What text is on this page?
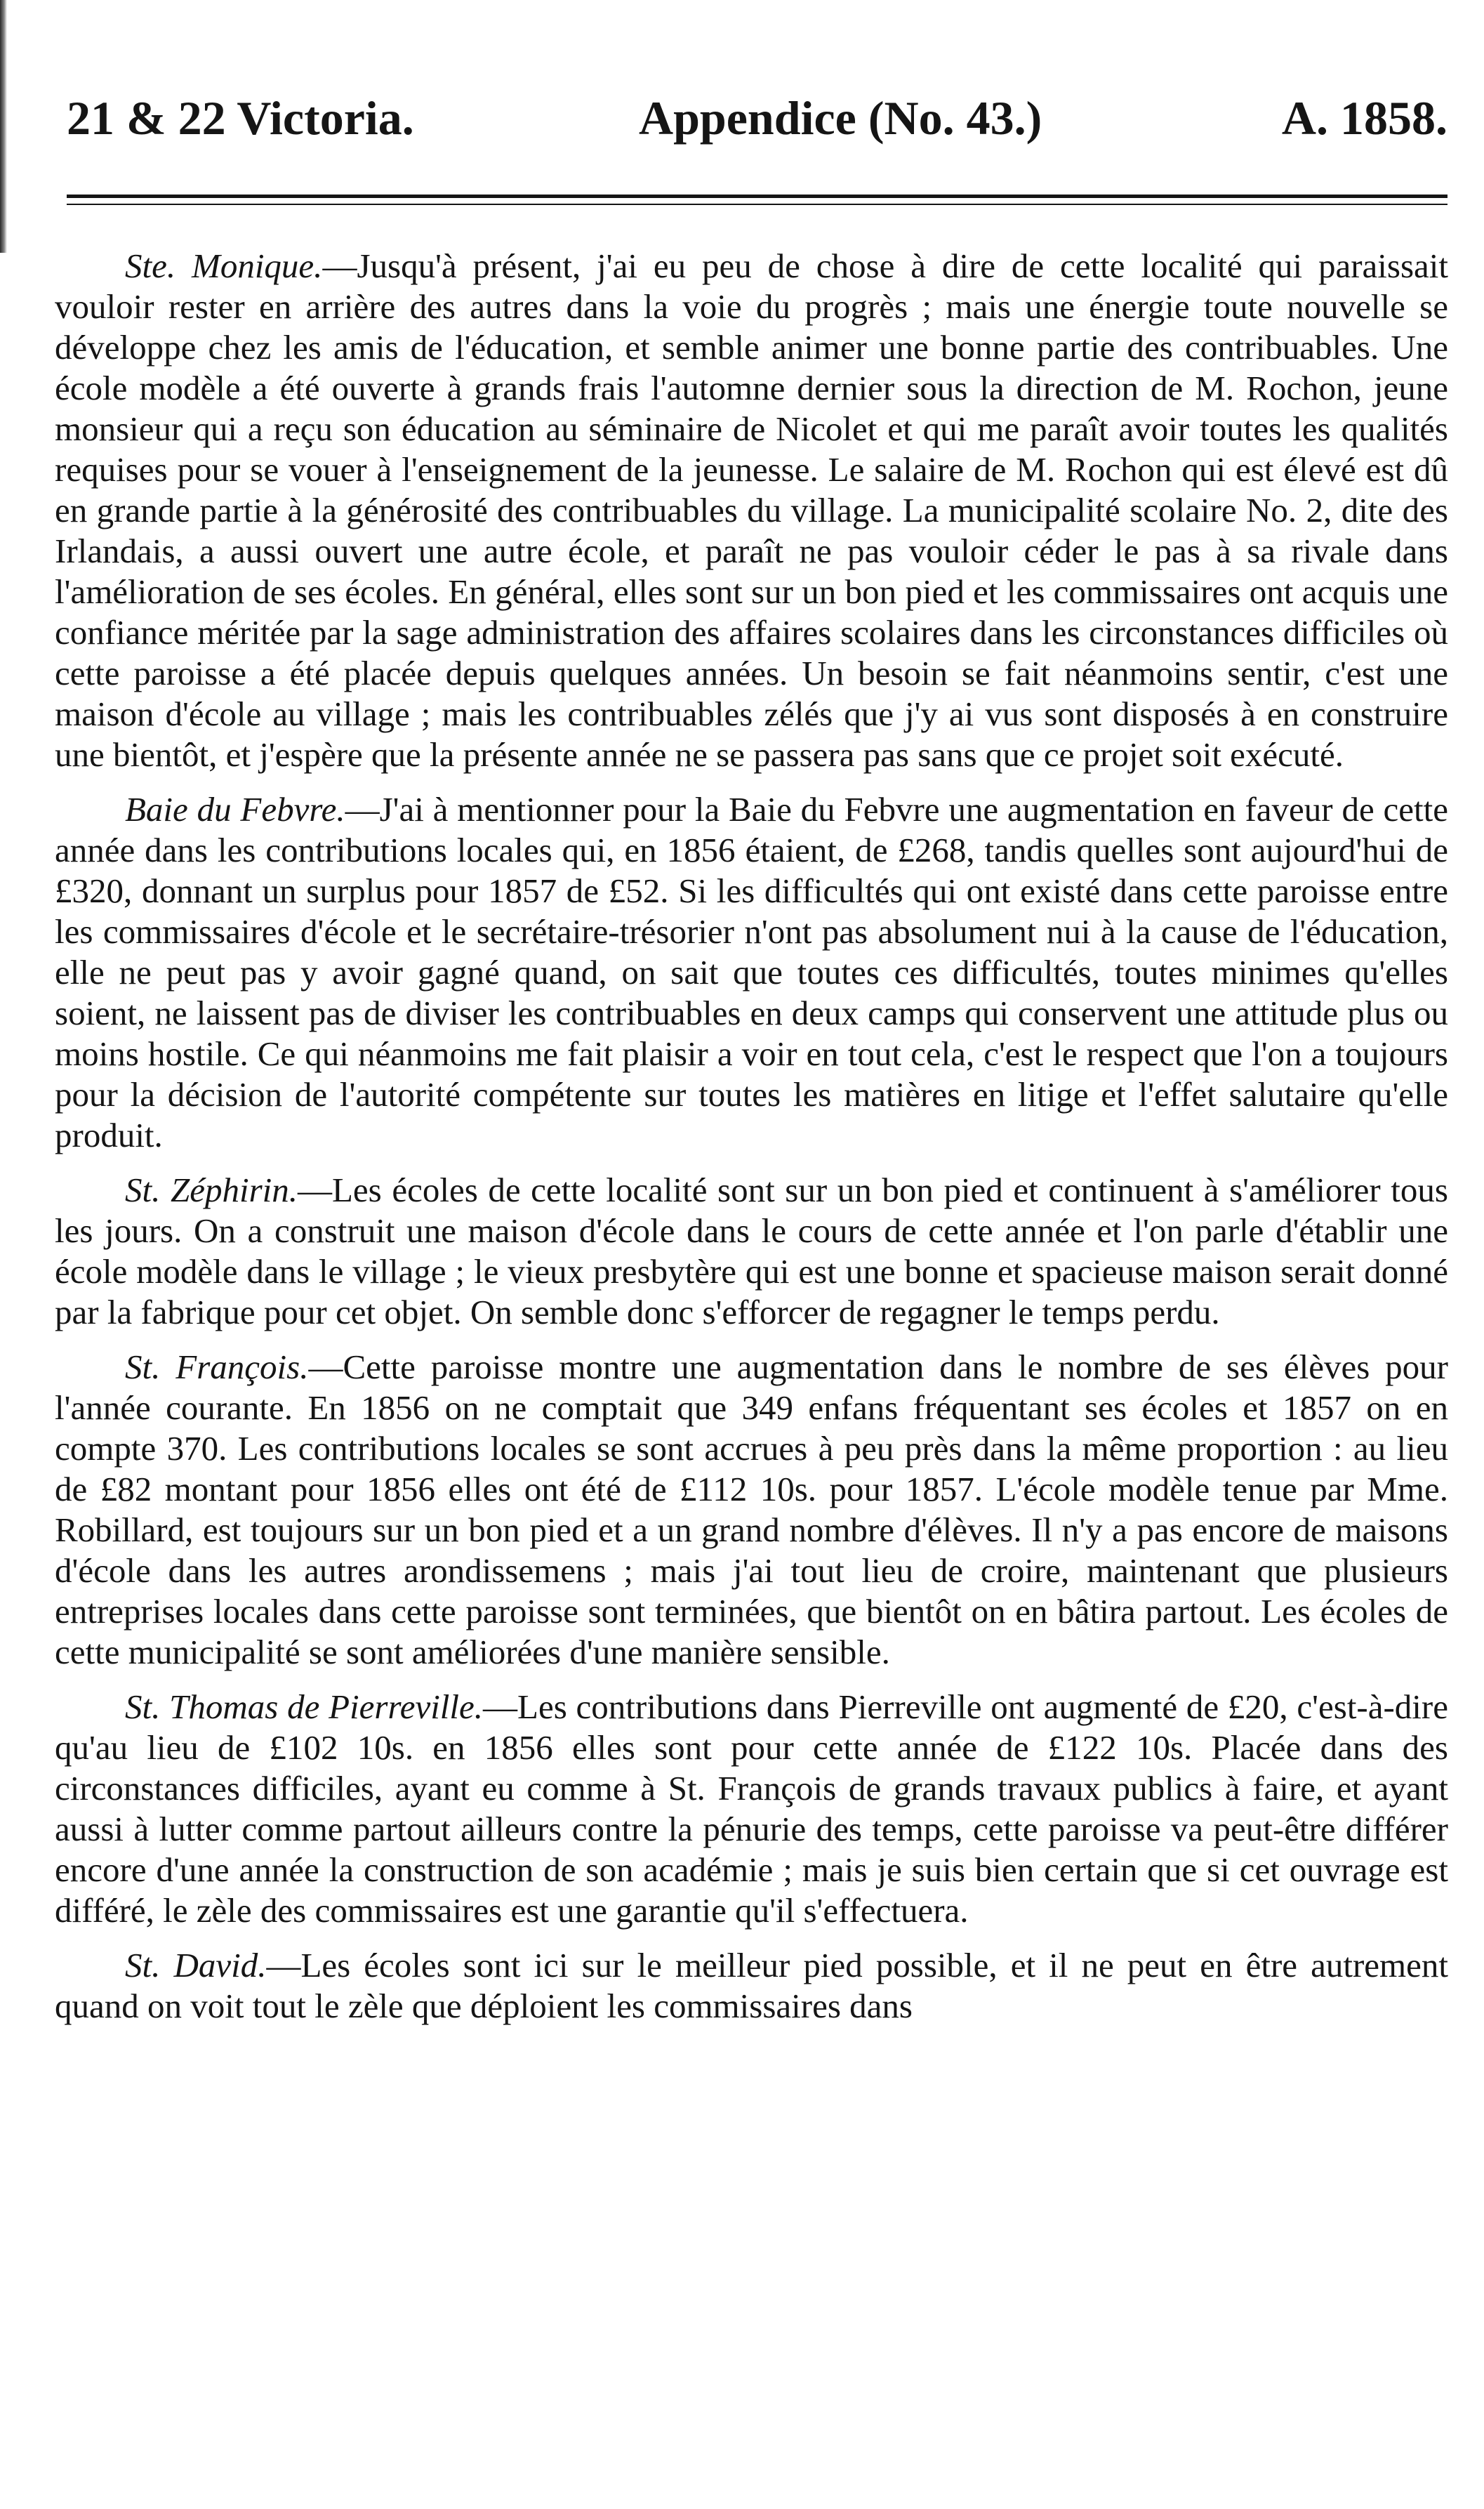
21 & 22 Victoria.	Appendice (No. 43.)	A. 1858.

Ste. Monique.—Jusqu'à présent, j'ai eu peu de chose à dire de cette localité qui paraissait vouloir rester en arrière des autres dans la voie du progrès ; mais une énergie toute nouvelle se développe chez les amis de l'éducation, et semble animer une bonne partie des contribuables. Une école modèle a été ouverte à grands frais l'automne dernier sous la direction de M. Rochon, jeune monsieur qui a reçu son éducation au séminaire de Nicolet et qui me paraît avoir toutes les qualités requises pour se vouer à l'enseignement de la jeunesse. Le salaire de M. Rochon qui est élevé est dû en grande partie à la générosité des contribuables du village. La municipalité scolaire No. 2, dite des Irlandais, a aussi ouvert une autre école, et paraît ne pas vouloir céder le pas à sa rivale dans l'amélioration de ses écoles. En général, elles sont sur un bon pied et les commissaires ont acquis une confiance méritée par la sage administration des affaires scolaires dans les circonstances difficiles où cette paroisse a été placée depuis quelques années. Un besoin se fait néanmoins sentir, c'est une maison d'école au village ; mais les contribuables zélés que j'y ai vus sont disposés à en construire une bientôt, et j'espère que la présente année ne se passera pas sans que ce projet soit exécuté.

Baie du Febvre.—J'ai à mentionner pour la Baie du Febvre une augmentation en faveur de cette année dans les contributions locales qui, en 1856 étaient, de £268, tandis quelles sont aujourd'hui de £320, donnant un surplus pour 1857 de £52. Si les difficultés qui ont existé dans cette paroisse entre les commissaires d'école et le secrétaire-trésorier n'ont pas absolument nui à la cause de l'éducation, elle ne peut pas y avoir gagné quand, on sait que toutes ces difficultés, toutes minimes qu'elles soient, ne laissent pas de diviser les contribuables en deux camps qui conservent une attitude plus ou moins hostile. Ce qui néanmoins me fait plaisir a voir en tout cela, c'est le respect que l'on a toujours pour la décision de l'autorité compétente sur toutes les matières en litige et l'effet salutaire qu'elle produit.

St. Zéphirin.—Les écoles de cette localité sont sur un bon pied et continuent à s'améliorer tous les jours. On a construit une maison d'école dans le cours de cette année et l'on parle d'établir une école modèle dans le village ; le vieux presbytère qui est une bonne et spacieuse maison serait donné par la fabrique pour cet objet. On semble donc s'efforcer de regagner le temps perdu.

St. François.—Cette paroisse montre une augmentation dans le nombre de ses élèves pour l'année courante. En 1856 on ne comptait que 349 enfans fréquentant ses écoles et 1857 on en compte 370. Les contributions locales se sont accrues à peu près dans la même proportion : au lieu de £82 montant pour 1856 elles ont été de £112 10s. pour 1857. L'école modèle tenue par Mme. Robillard, est toujours sur un bon pied et a un grand nombre d'élèves. Il n'y a pas encore de maisons d'école dans les autres arondissemens ; mais j'ai tout lieu de croire, maintenant que plusieurs entreprises locales dans cette paroisse sont terminées, que bientôt on en bâtira partout. Les écoles de cette municipalité se sont améliorées d'une manière sensible.

St. Thomas de Pierreville.—Les contributions dans Pierreville ont augmenté de £20, c'est-à-dire qu'au lieu de £102 10s. en 1856 elles sont pour cette année de £122 10s. Placée dans des circonstances difficiles, ayant eu comme à St. François de grands travaux publics à faire, et ayant aussi à lutter comme partout ailleurs contre la pénurie des temps, cette paroisse va peut-être différer encore d'une année la construction de son académie ; mais je suis bien certain que si cet ouvrage est différé, le zèle des commissaires est une garantie qu'il s'effectuera.

St. David.—Les écoles sont ici sur le meilleur pied possible, et il ne peut en être autrement quand on voit tout le zèle que déploient les commissaires dans
